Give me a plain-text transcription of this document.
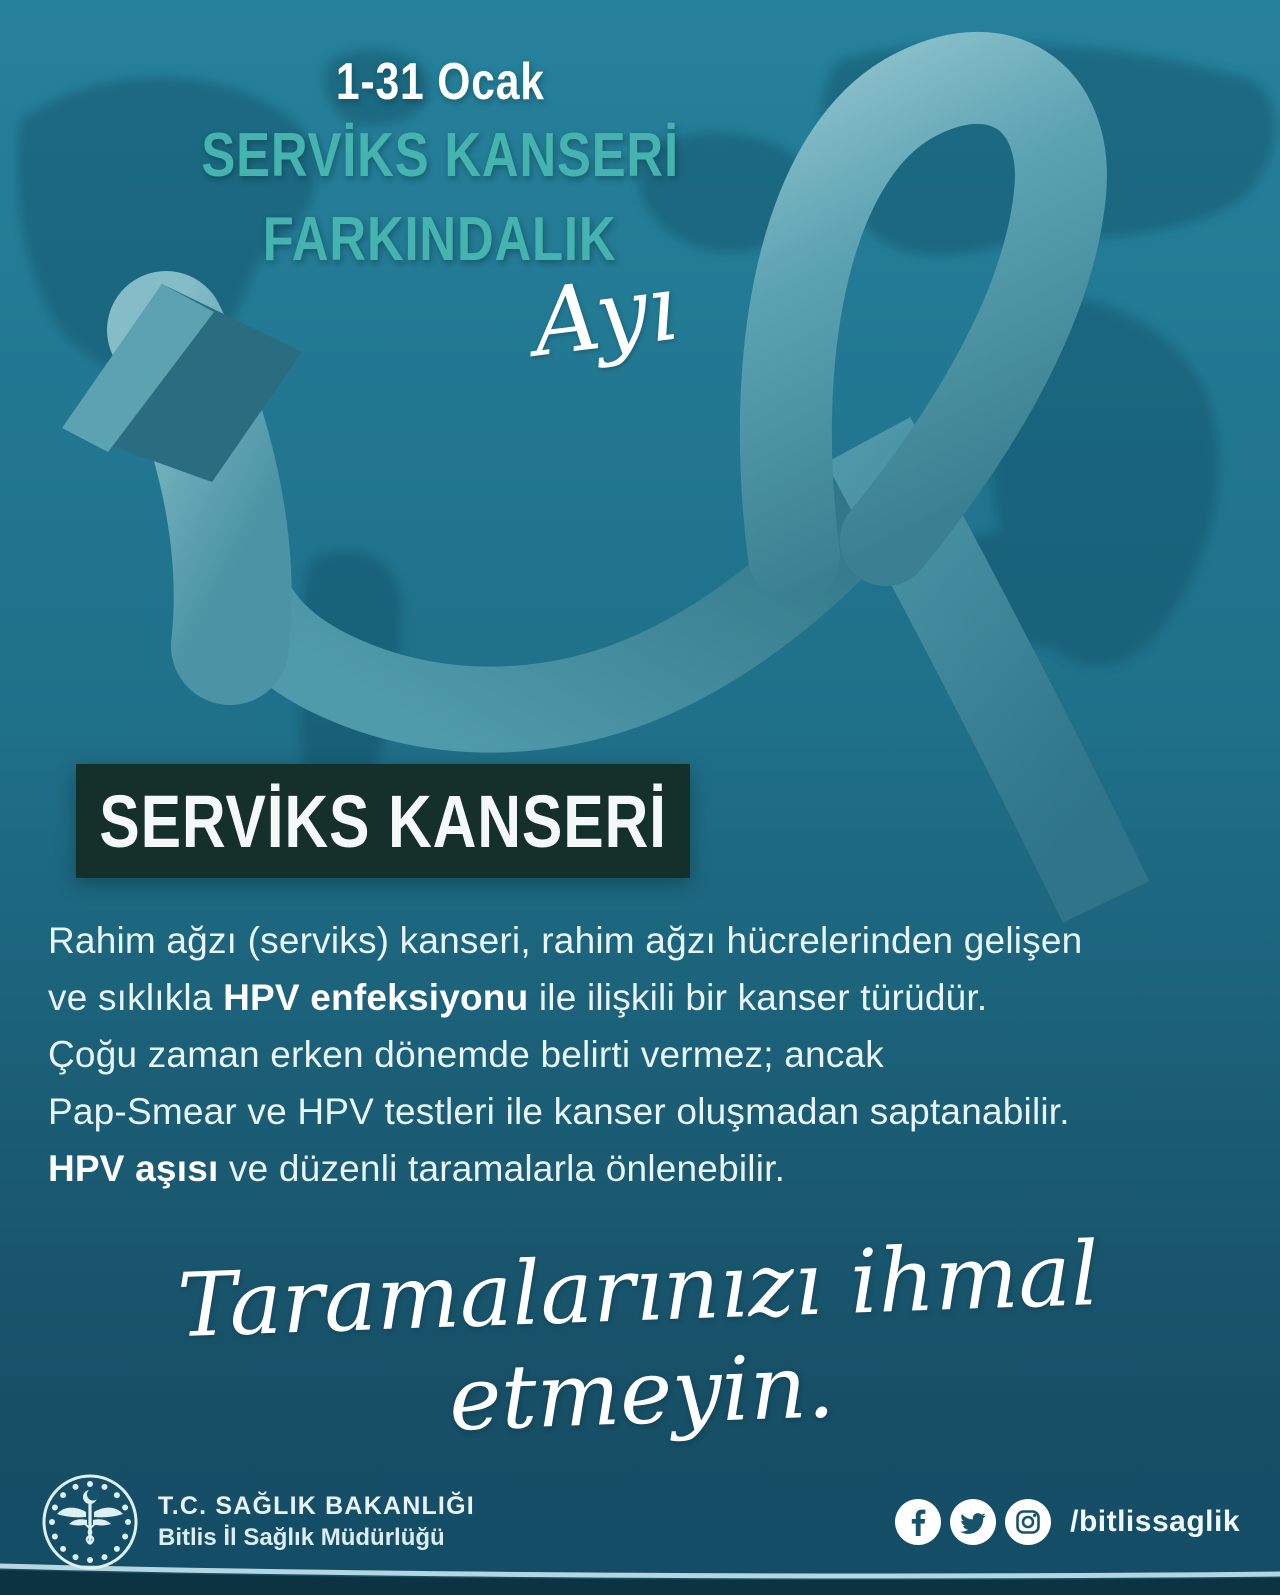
1-31 Ocak
SERVİKS KANSERİ
FARKINDALIK
Ayı
SERVİKS KANSERİ
Rahim ağzı (serviks) kanseri, rahim ağzı hücrelerinden gelişen
ve sıklıkla HPV enfeksiyonu ile ilişkili bir kanser türüdür.
Çoğu zaman erken dönemde belirti vermez; ancak
Pap-Smear ve HPV testleri ile kanser oluşmadan saptanabilir.
HPV aşısı ve düzenli taramalarla önlenebilir.
Taramalarınızı ihmal etmeyin.
T.C. SAĞLIK BAKANLIĞI
Bitlis İl Sağlık Müdürlüğü	/bitlissaglik
